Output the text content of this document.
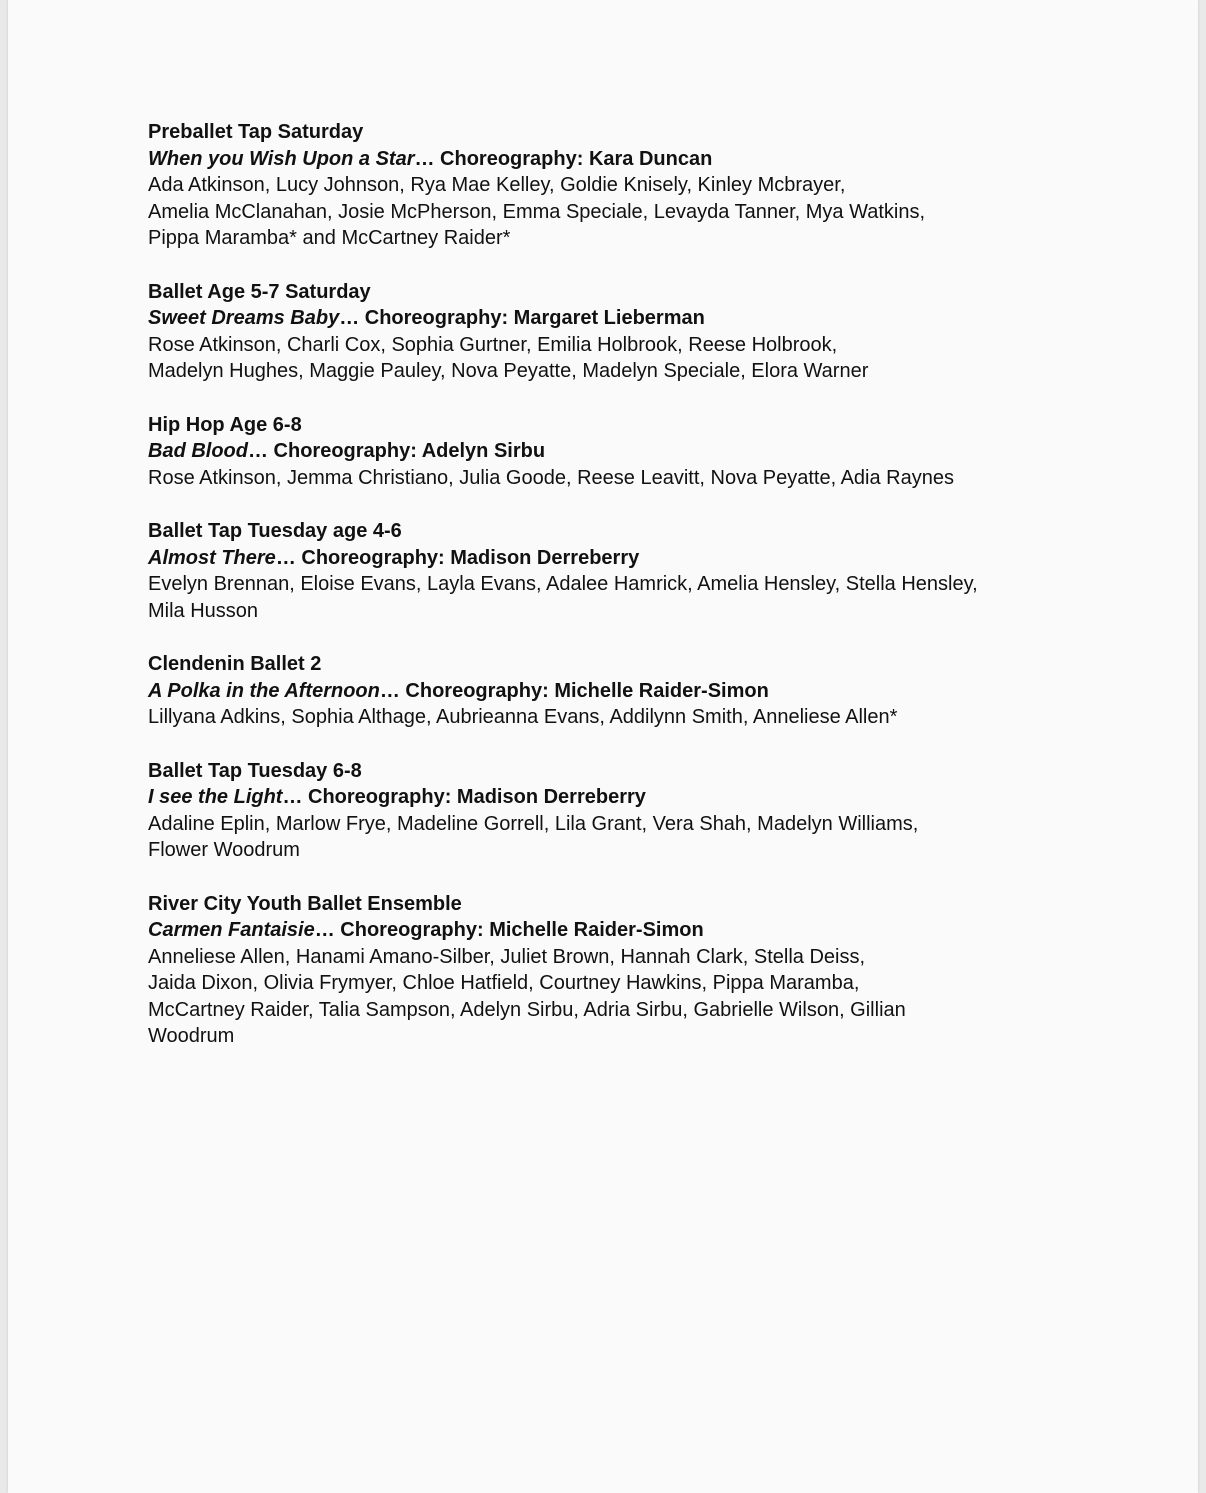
Preballet Tap Saturday
When you Wish Upon a Star… Choreography: Kara Duncan
Ada Atkinson, Lucy Johnson, Rya Mae Kelley, Goldie Knisely, Kinley Mcbrayer,
Amelia McClanahan, Josie McPherson, Emma Speciale, Levayda Tanner, Mya Watkins,
Pippa Maramba* and McCartney Raider*
Ballet Age 5-7 Saturday
Sweet Dreams Baby… Choreography: Margaret Lieberman
Rose Atkinson, Charli Cox, Sophia Gurtner, Emilia Holbrook, Reese Holbrook,
Madelyn Hughes, Maggie Pauley, Nova Peyatte, Madelyn Speciale, Elora Warner
Hip Hop Age 6-8
Bad Blood… Choreography: Adelyn Sirbu
Rose Atkinson, Jemma Christiano, Julia Goode, Reese Leavitt, Nova Peyatte, Adia Raynes
Ballet Tap Tuesday age 4-6
Almost There… Choreography: Madison Derreberry
Evelyn Brennan, Eloise Evans, Layla Evans, Adalee Hamrick, Amelia Hensley, Stella Hensley,
Mila Husson
Clendenin Ballet 2
A Polka in the Afternoon… Choreography: Michelle Raider-Simon
Lillyana Adkins, Sophia Althage, Aubrieanna Evans, Addilynn Smith, Anneliese Allen*
Ballet Tap Tuesday 6-8
I see the Light… Choreography: Madison Derreberry
Adaline Eplin, Marlow Frye, Madeline Gorrell, Lila Grant, Vera Shah, Madelyn Williams,
Flower Woodrum
River City Youth Ballet Ensemble
Carmen Fantaisie… Choreography: Michelle Raider-Simon
Anneliese Allen, Hanami Amano-Silber, Juliet Brown, Hannah Clark, Stella Deiss,
Jaida Dixon, Olivia Frymyer, Chloe Hatfield, Courtney Hawkins, Pippa Maramba,
McCartney Raider, Talia Sampson, Adelyn Sirbu, Adria Sirbu, Gabrielle Wilson, Gillian
Woodrum
